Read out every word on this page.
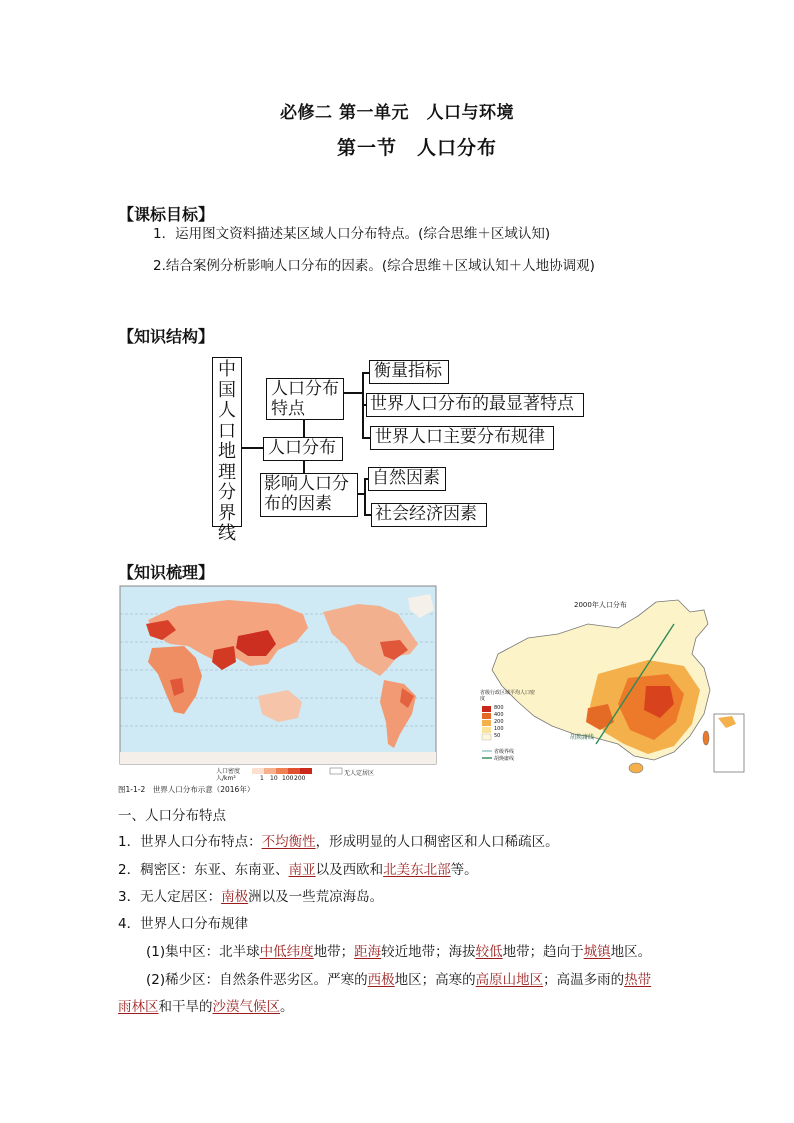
必修二 第一单元　人口与环境
第一节　人口分布
【课标目标】
1．运用图文资料描述某区域人口分布特点。(综合思维＋区域认知)
2.结合案例分析影响人口分布的因素。(综合思维＋区域认知＋人地协调观)
【知识结构】
中国人口地理分界线
人口分布
人口分布特点
影响人口分布的因素
衡量指标
世界人口分布的最显著特点
世界人口主要分布规律
自然因素
社会经济因素
【知识梳理】
人口密度
人/km²	1 10 100 200
无人定居区
图1-1-2　世界人口分布示意（2016年）
2000年人口分布
省级行政区域平均人口密度
800
400
200
100
50
省级界线
胡焕庸线
胡焕庸线
一、人口分布特点
1．世界人口分布特点：不均衡性，形成明显的人口稠密区和人口稀疏区。
2．稠密区：东亚、东南亚、南亚以及西欧和北美东北部等。
3．无人定居区：南极洲以及一些荒凉海岛。
4．世界人口分布规律
(1)集中区：北半球中低纬度地带；距海较近地带；海拔较低地带；趋向于城镇地区。
(2)稀少区：自然条件恶劣区。严寒的西极地区；高寒的高原山地区；高温多雨的热带
雨林区和干旱的沙漠气候区。
